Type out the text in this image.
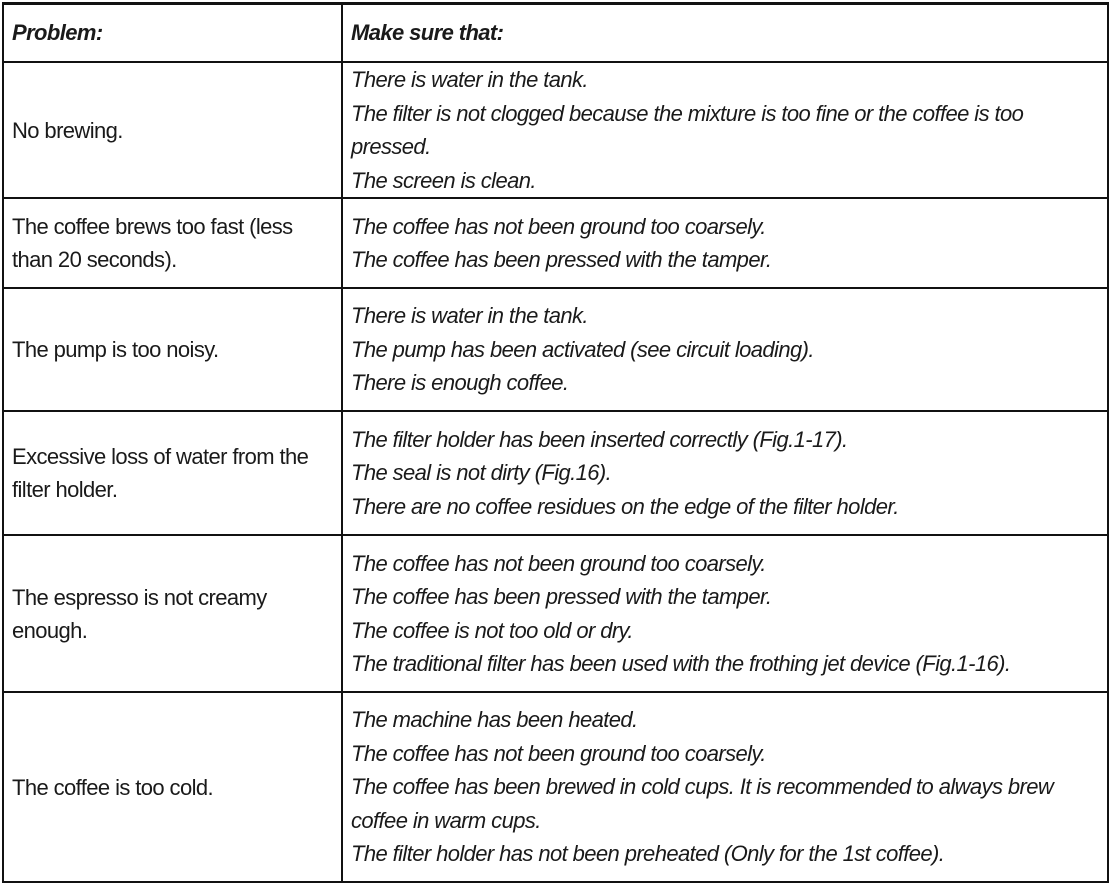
Problem:	Make sure that:
No brewing.	There is water in the tank.
The filter is not clogged because the mixture is too fine or the coffee is too pressed.
The screen is clean.

The coffee brews too fast (less than 20 seconds).	The coffee has not been ground too coarsely.
The coffee has been pressed with the tamper.

The pump is too noisy.	There is water in the tank.
The pump has been activated (see circuit loading).
There is enough coffee.

Excessive loss of water from the filter holder.	The filter holder has been inserted correctly (Fig.1-17).
The seal is not dirty (Fig.16).
There are no coffee residues on the edge of the filter holder.

The espresso is not creamy enough.	The coffee has not been ground too coarsely.
The coffee has been pressed with the tamper.
The coffee is not too old or dry.
The traditional filter has been used with the frothing jet device (Fig.1-16).

The coffee is too cold.	The machine has been heated.
The coffee has not been ground too coarsely.
The coffee has been brewed in cold cups. It is recommended to always brew coffee in warm cups.
The filter holder has not been preheated (Only for the 1st coffee).
